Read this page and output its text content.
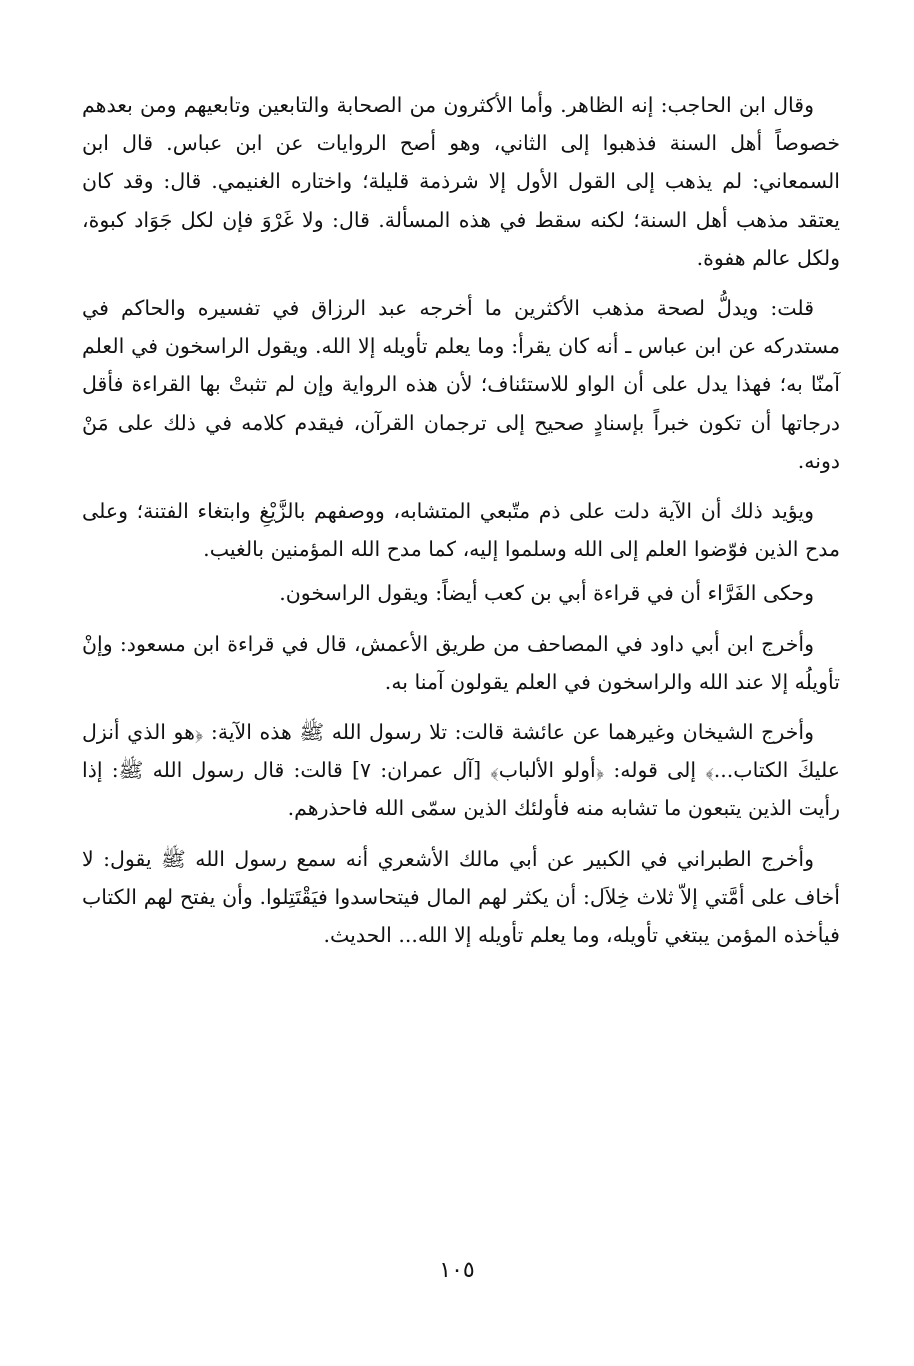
وقال ابن الحاجب: إنه الظاهر. وأما الأكثرون من الصحابة والتابعين وتابعيهم ومن بعدهم خصوصاً أهل السنة فذهبوا إلى الثاني، وهو أصح الروايات عن ابن عباس. قال ابن السمعاني: لم يذهب إلى القول الأول إلا شرذمة قليلة؛ واختاره الغنيمي. قال: وقد كان يعتقد مذهب أهل السنة؛ لكنه سقط في هذه المسألة. قال: ولا غَرْوَ فإن لكل جَوَاد كبوة، ولكل عالم هفوة.

قلت: ويدلُّ لصحة مذهب الأكثرين ما أخرجه عبد الرزاق في تفسيره والحاكم في مستدركه عن ابن عباس ـ أنه كان يقرأ: وما يعلم تأويله إلا الله. ويقول الراسخون في العلم آمنّا به؛ فهذا يدل على أن الواو للاستئناف؛ لأن هذه الرواية وإن لم تثبتْ بها القراءة فأقل درجاتها أن تكون خبراً بإسنادٍ صحيح إلى ترجمان القرآن، فيقدم كلامه في ذلك على مَنْ دونه.

ويؤيد ذلك أن الآية دلت على ذم متّبعي المتشابه، ووصفهم بالزَّيْغِ وابتغاء الفتنة؛ وعلى مدح الذين فوّضوا العلم إلى الله وسلموا إليه، كما مدح الله المؤمنين بالغيب.

وحكى الفَرَّاء أن في قراءة أبي بن كعب أيضاً: ويقول الراسخون.

وأخرج ابن أبي داود في المصاحف من طريق الأعمش، قال في قراءة ابن مسعود: وإنْ تأويلُه إلا عند الله والراسخون في العلم يقولون آمنا به.

وأخرج الشيخان وغيرهما عن عائشة قالت: تلا رسول الله ﷺ هذه الآية: ﴿هو الذي أنزل عليكَ الكتاب...﴾ إلى قوله: ﴿أولو الألباب﴾ [آل عمران: ٧] قالت: قال رسول الله ﷺ: إذا رأيت الذين يتبعون ما تشابه منه فأولئك الذين سمّى الله فاحذرهم.

وأخرج الطبراني في الكبير عن أبي مالك الأشعري أنه سمع رسول الله ﷺ يقول: لا أخاف على أمَّتي إلاّ ثلاث خِلاَل: أن يكثر لهم المال فيتحاسدوا فيَقْتَتِلوا. وأن يفتح لهم الكتاب فيأخذه المؤمن يبتغي تأويله، وما يعلم تأويله إلا الله... الحديث.

١٠٥
